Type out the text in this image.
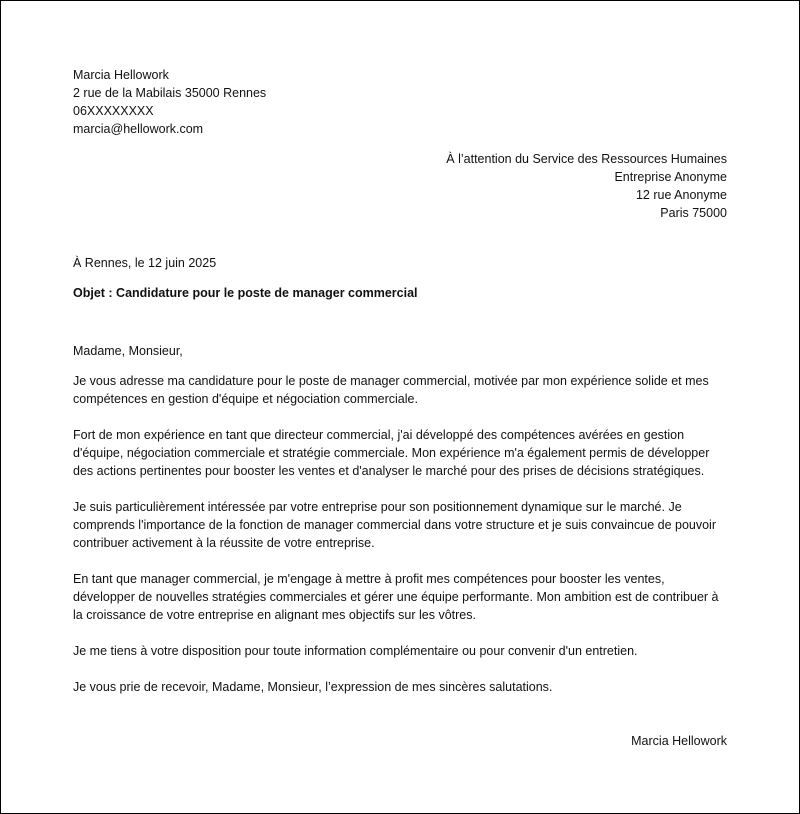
Marcia Hellowork
2 rue de la Mabilais 35000 Rennes
06XXXXXXXX
marcia@hellowork.com
À l’attention du Service des Ressources Humaines
Entreprise Anonyme
12 rue Anonyme
Paris 75000
À Rennes, le 12 juin 2025
Objet : Candidature pour le poste de manager commercial

Madame, Monsieur,

Je vous adresse ma candidature pour le poste de manager commercial, motivée par mon expérience solide et mes compétences en gestion d'équipe et négociation commerciale.

Fort de mon expérience en tant que directeur commercial, j'ai développé des compétences avérées en gestion d'équipe, négociation commerciale et stratégie commerciale. Mon expérience m'a également permis de développer des actions pertinentes pour booster les ventes et d'analyser le marché pour des prises de décisions stratégiques.

Je suis particulièrement intéressée par votre entreprise pour son positionnement dynamique sur le marché. Je comprends l'importance de la fonction de manager commercial dans votre structure et je suis convaincue de pouvoir contribuer activement à la réussite de votre entreprise.

En tant que manager commercial, je m'engage à mettre à profit mes compétences pour booster les ventes, développer de nouvelles stratégies commerciales et gérer une équipe performante. Mon ambition est de contribuer à la croissance de votre entreprise en alignant mes objectifs sur les vôtres.

Je me tiens à votre disposition pour toute information complémentaire ou pour convenir d'un entretien.

Je vous prie de recevoir, Madame, Monsieur, l’expression de mes sincères salutations.

Marcia Hellowork
